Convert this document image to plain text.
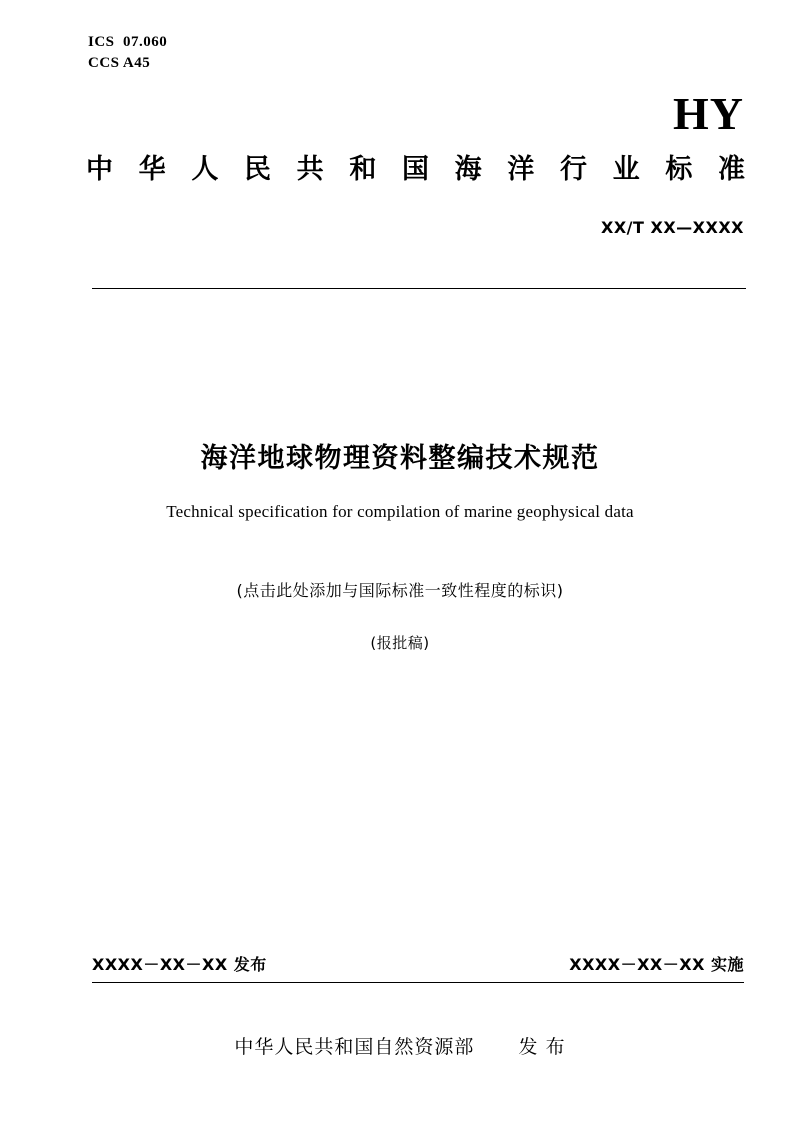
ICS  07.060
CCS A45
HY
中华人民共和国海洋行业标准
XX/T XX—XXXX
海洋地球物理资料整编技术规范
Technical specification for compilation of marine geophysical data
(点击此处添加与国际标准一致性程度的标识)
(报批稿)
XXXX－XX－XX 发布	XXXX－XX－XX 实施
中华人民共和国自然资源部 发 布
